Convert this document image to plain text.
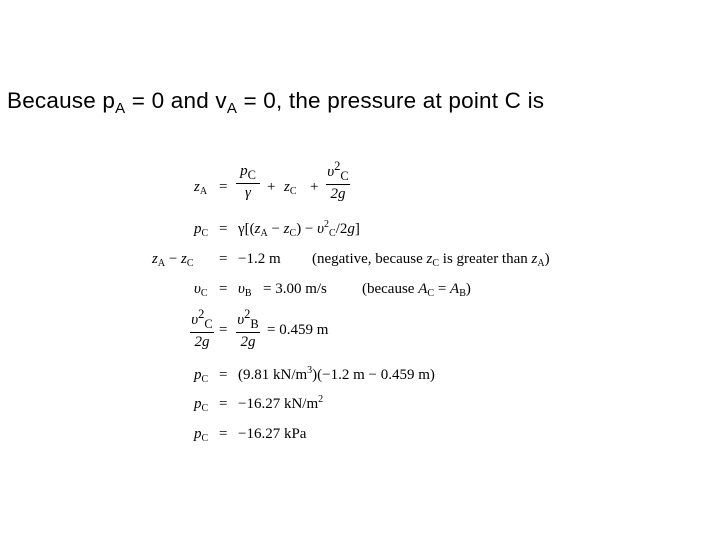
Because $p_A = 0$ and $v_A = 0$, the pressure at point C is
$z_A$ =
$p_C$
γ	+ $z_C$ +
$\upsilon^2_C$
2g
$p_C = \gamma[(z_A - z_C) - \upsilon^2_C/2g]$
$z_A - z_C = -1.2$ m (negative, because $z_C$ is greater than $z_A$)
$\upsilon_C = \upsilon_B = 3.00$ m/s (because $A_C = A_B$)
$\upsilon^2_C$
2g
=
$\upsilon^2_B$
2g
= 0.459 m
$p_C = (9.81$ $kN/m^3)(-1.2$ m − 0.459 m)
$p_C = -16.27$ $kN/m^2$
$p_C = -16.27$ kPa
